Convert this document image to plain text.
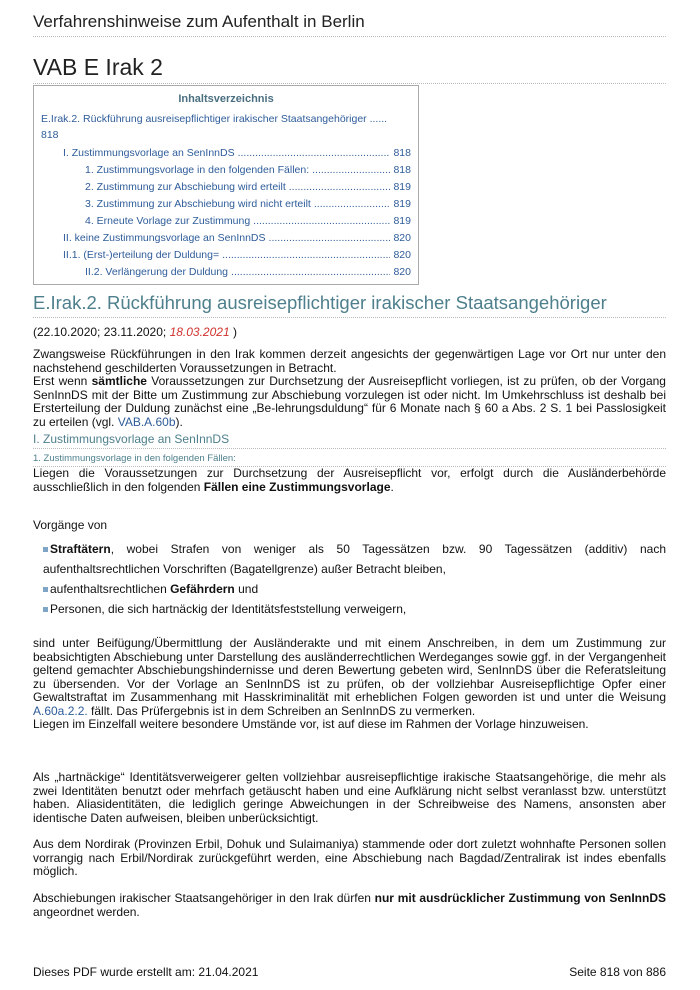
Verfahrenshinweise zum Aufenthalt in Berlin
VAB E Irak 2
Inhaltsverzeichnis
E.Irak.2. Rückführung ausreisepflichtiger irakischer Staatsangehöriger ......
818
I. Zustimmungsvorlage an SenInnDS .....	818
1. Zustimmungsvorlage in den folgenden Fällen: .....	818
2. Zustimmung zur Abschiebung wird erteilt .....	819
3. Zustimmung zur Abschiebung wird nicht erteilt .....	819
4. Erneute Vorlage zur Zustimmung .....	819
II. keine Zustimmungsvorlage an SenInnDS .....	820
II.1. (Erst-)erteilung der Duldung= .....	820
II.2. Verlängerung der Duldung .....	820
E.Irak.2. Rückführung ausreisepflichtiger irakischer Staatsangehöriger
(22.10.2020; 23.11.2020; 18.03.2021 )
Zwangsweise Rückführungen in den Irak kommen derzeit angesichts der gegenwärtigen Lage vor Ort nur unter den nachstehend geschilderten Voraussetzungen in Betracht.
Erst wenn sämtliche Voraussetzungen zur Durchsetzung der Ausreisepflicht vorliegen, ist zu prüfen, ob der Vorgang SenInnDS mit der Bitte um Zustimmung zur Abschiebung vorzulegen ist oder nicht. Im Umkehrschluss ist deshalb bei Ersterteilung der Duldung zunächst eine „Be-lehrungsduldung“ für 6 Monate nach § 60 a Abs. 2 S. 1 bei Passlosigkeit zu erteilen (vgl. VAB.A.60b).
I. Zustimmungsvorlage an SenInnDS
1. Zustimmungsvorlage in den folgenden Fällen:
Liegen die Voraussetzungen zur Durchsetzung der Ausreisepflicht vor, erfolgt durch die Ausländerbehörde ausschließlich in den folgenden Fällen eine Zustimmungsvorlage.
Vorgänge von
Straftätern, wobei Strafen von weniger als 50 Tagessätzen bzw. 90 Tagessätzen (additiv) nach aufenthaltsrechtlichen Vorschriften (Bagatellgrenze) außer Betracht bleiben,
aufenthaltsrechtlichen Gefährdern und
Personen, die sich hartnäckig der Identitätsfeststellung verweigern,
sind unter Beifügung/Übermittlung der Ausländerakte und mit einem Anschreiben, in dem um Zustimmung zur beabsichtigten Abschiebung unter Darstellung des ausländerrechtlichen Werdeganges sowie ggf. in der Vergangenheit geltend gemachter Abschiebungshindernisse und deren Bewertung gebeten wird, SenInnDS über die Referatsleitung zu übersenden. Vor der Vorlage an SenInnDS ist zu prüfen, ob der vollziehbar Ausreisepflichtige Opfer einer Gewaltstraftat im Zusammenhang mit Hasskriminalität mit erheblichen Folgen geworden ist und unter die Weisung A.60a.2.2. fällt. Das Prüfergebnis ist in dem Schreiben an SenInnDS zu vermerken.
Liegen im Einzelfall weitere besondere Umstände vor, ist auf diese im Rahmen der Vorlage hinzuweisen.
Als „hartnäckige“ Identitätsverweigerer gelten vollziehbar ausreisepflichtige irakische Staatsangehörige, die mehr als zwei Identitäten benutzt oder mehrfach getäuscht haben und eine Aufklärung nicht selbst veranlasst bzw. unterstützt haben. Aliasidentitäten, die lediglich geringe Abweichungen in der Schreibweise des Namens, ansonsten aber identische Daten aufweisen, bleiben unberücksichtigt.
Aus dem Nordirak (Provinzen Erbil, Dohuk und Sulaimaniya) stammende oder dort zuletzt wohnhafte Personen sollen vorrangig nach Erbil/Nordirak zurückgeführt werden, eine Abschiebung nach Bagdad/Zentralirak ist indes ebenfalls möglich.
Abschiebungen irakischer Staatsangehöriger in den Irak dürfen nur mit ausdrücklicher Zustimmung von SenInnDS angeordnet werden.
Dieses PDF wurde erstellt am: 21.04.2021	Seite 818 von 886
